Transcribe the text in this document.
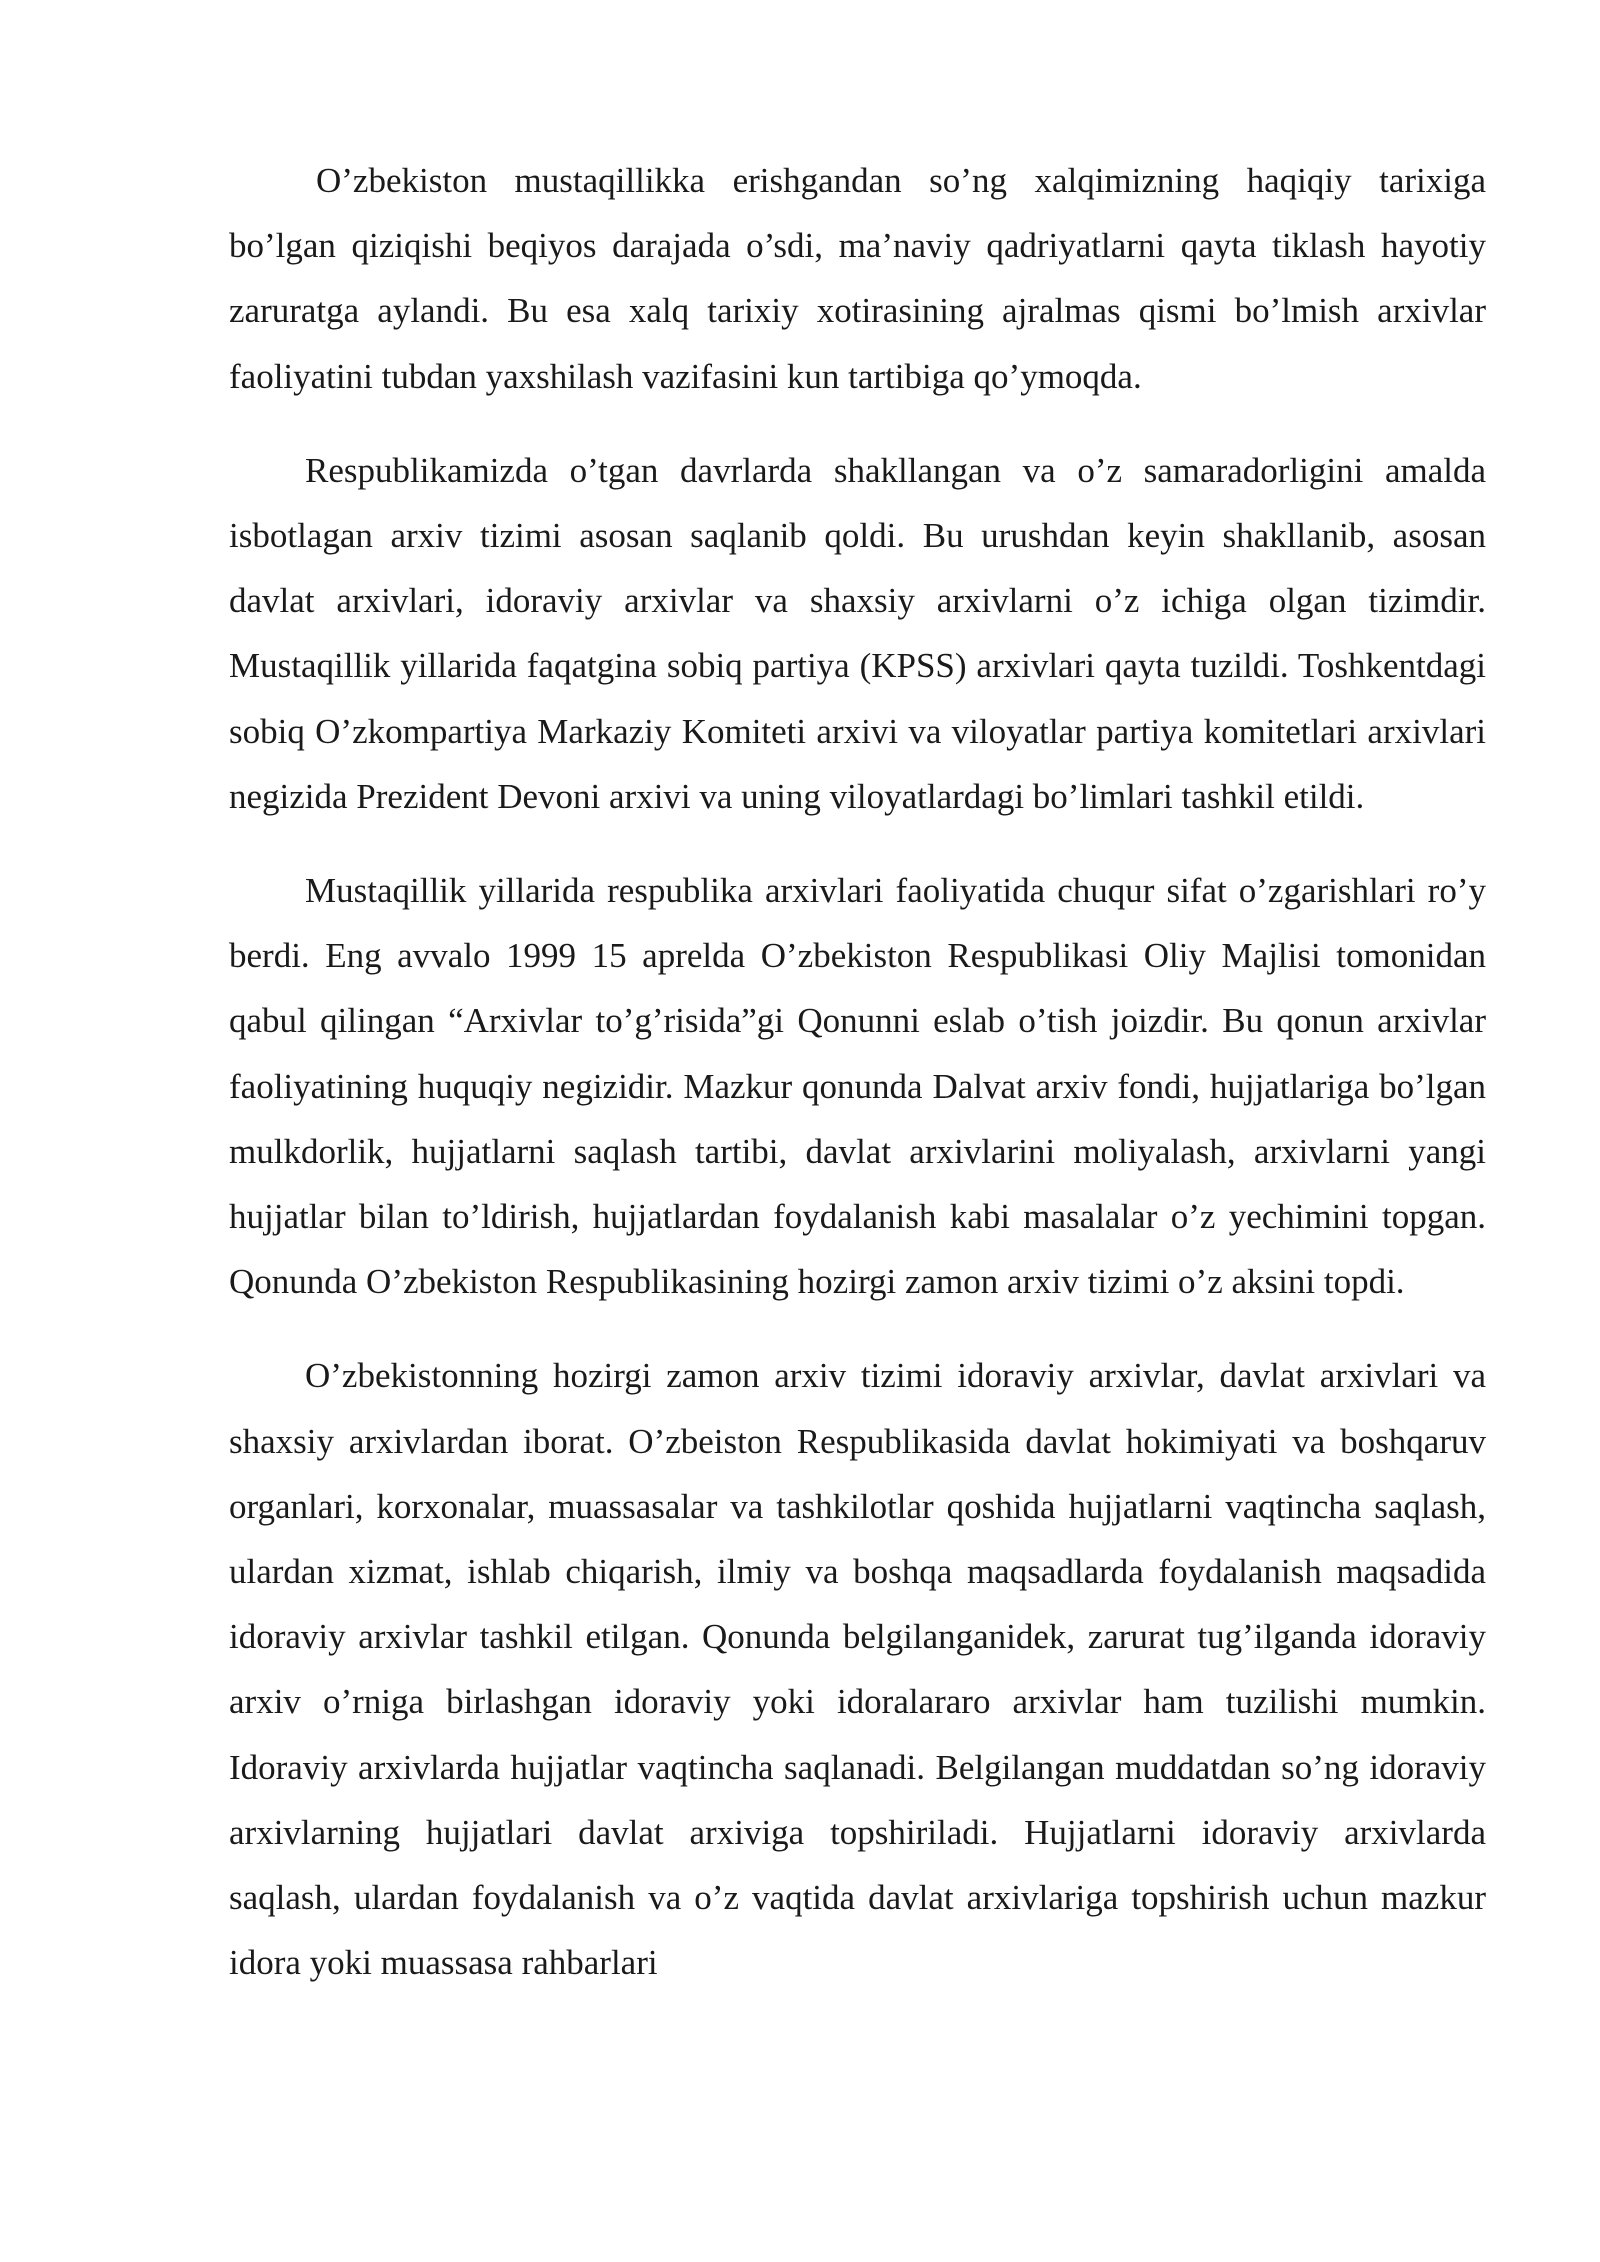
O’zbekiston mustaqillikka erishgandan so’ng xalqimizning haqiqiy tarixiga bo’lgan qiziqishi beqiyos darajada o’sdi, ma’naviy qadriyatlarni qayta tiklash hayotiy zaruratga aylandi. Bu esa xalq tarixiy xotirasining ajralmas qismi bo’lmish arxivlar faoliyatini tubdan yaxshilash vazifasini kun tartibiga qo’ymoqda.

Respublikamizda o’tgan davrlarda shakllangan va o’z samaradorligini amalda isbotlagan arxiv tizimi asosan saqlanib qoldi. Bu urushdan keyin shakllanib, asosan davlat arxivlari, idoraviy arxivlar va shaxsiy arxivlarni o’z ichiga olgan tizimdir. Mustaqillik yillarida faqatgina sobiq partiya (KPSS) arxivlari qayta tuzildi. Toshkentdagi sobiq O’zkompartiya Markaziy Komiteti arxivi va viloyatlar partiya komitetlari arxivlari negizida Prezident Devoni arxivi va uning viloyatlardagi bo’limlari tashkil etildi.

Mustaqillik yillarida respublika arxivlari faoliyatida chuqur sifat o’zgarishlari ro’y berdi. Eng avvalo 1999 15 aprelda O’zbekiston Respublikasi Oliy Majlisi tomonidan qabul qilingan “Arxivlar to’g’risida”gi Qonunni eslab o’tish joizdir. Bu qonun arxivlar faoliyatining huquqiy negizidir. Mazkur qonunda Dalvat arxiv fondi, hujjatlariga bo’lgan mulkdorlik, hujjatlarni saqlash tartibi, davlat arxivlarini moliyalash, arxivlarni yangi hujjatlar bilan to’ldirish, hujjatlardan foydalanish kabi masalalar o’z yechimini topgan. Qonunda O’zbekiston Respublikasining hozirgi zamon arxiv tizimi o’z aksini topdi.

O’zbekistonning hozirgi zamon arxiv tizimi idoraviy arxivlar, davlat arxivlari va shaxsiy arxivlardan iborat. O’zbeiston Respublikasida davlat hokimiyati va boshqaruv organlari, korxonalar, muassasalar va tashkilotlar qoshida hujjatlarni vaqtincha saqlash, ulardan xizmat, ishlab chiqarish, ilmiy va boshqa maqsadlarda foydalanish maqsadida idoraviy arxivlar tashkil etilgan. Qonunda belgilanganidek, zarurat tug’ilganda idoraviy arxiv o’rniga birlashgan idoraviy yoki idoralararo arxivlar ham tuzilishi mumkin. Idoraviy arxivlarda hujjatlar vaqtincha saqlanadi. Belgilangan muddatdan so’ng idoraviy arxivlarning hujjatlari davlat arxiviga topshiriladi. Hujjatlarni idoraviy arxivlarda saqlash, ulardan foydalanish va o’z vaqtida davlat arxivlariga topshirish uchun mazkur idora yoki muassasa rahbarlari
